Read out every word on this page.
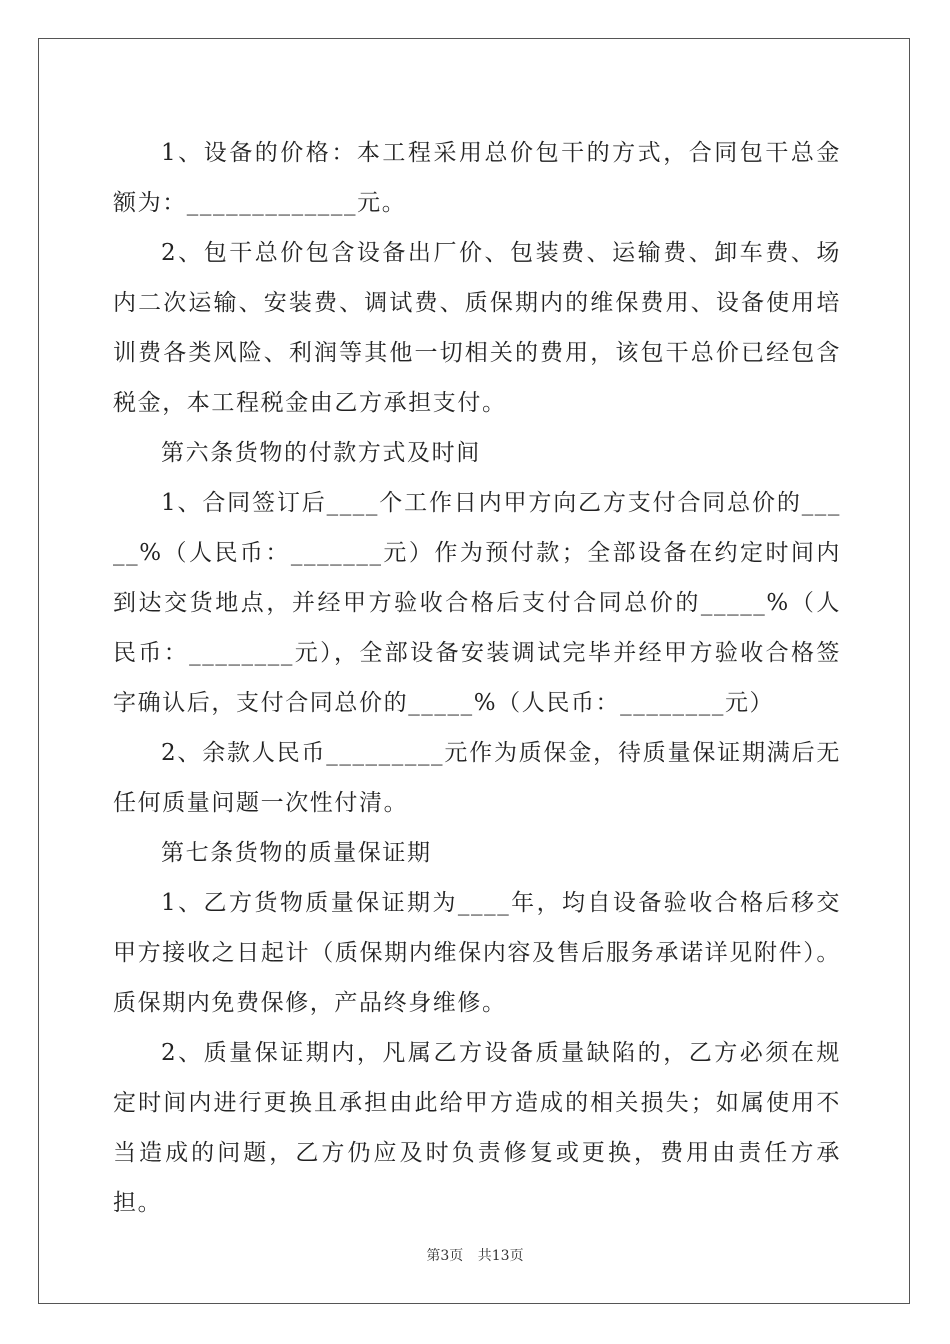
1、设备的价格：本工程采用总价包干的方式，合同包干总金额为：_____________元。

2、包干总价包含设备出厂价、包装费、运输费、卸车费、场内二次运输、安装费、调试费、质保期内的维保费用、设备使用培训费各类风险、利润等其他一切相关的费用，该包干总价已经包含税金，本工程税金由乙方承担支付。

第六条货物的付款方式及时间

1、合同签订后____个工作日内甲方向乙方支付合同总价的_____%（人民币：_______元）作为预付款；全部设备在约定时间内到达交货地点，并经甲方验收合格后支付合同总价的_____%（人民币：________元），全部设备安装调试完毕并经甲方验收合格签字确认后，支付合同总价的_____%（人民币：________元）

2、余款人民币_________元作为质保金，待质量保证期满后无任何质量问题一次性付清。

第七条货物的质量保证期

1、乙方货物质量保证期为____年，均自设备验收合格后移交甲方接收之日起计（质保期内维保内容及售后服务承诺详见附件）。质保期内免费保修，产品终身维修。

2、质量保证期内，凡属乙方设备质量缺陷的，乙方必须在规定时间内进行更换且承担由此给甲方造成的相关损失；如属使用不当造成的问题，乙方仍应及时负责修复或更换，费用由责任方承担。

第3页 共13页
